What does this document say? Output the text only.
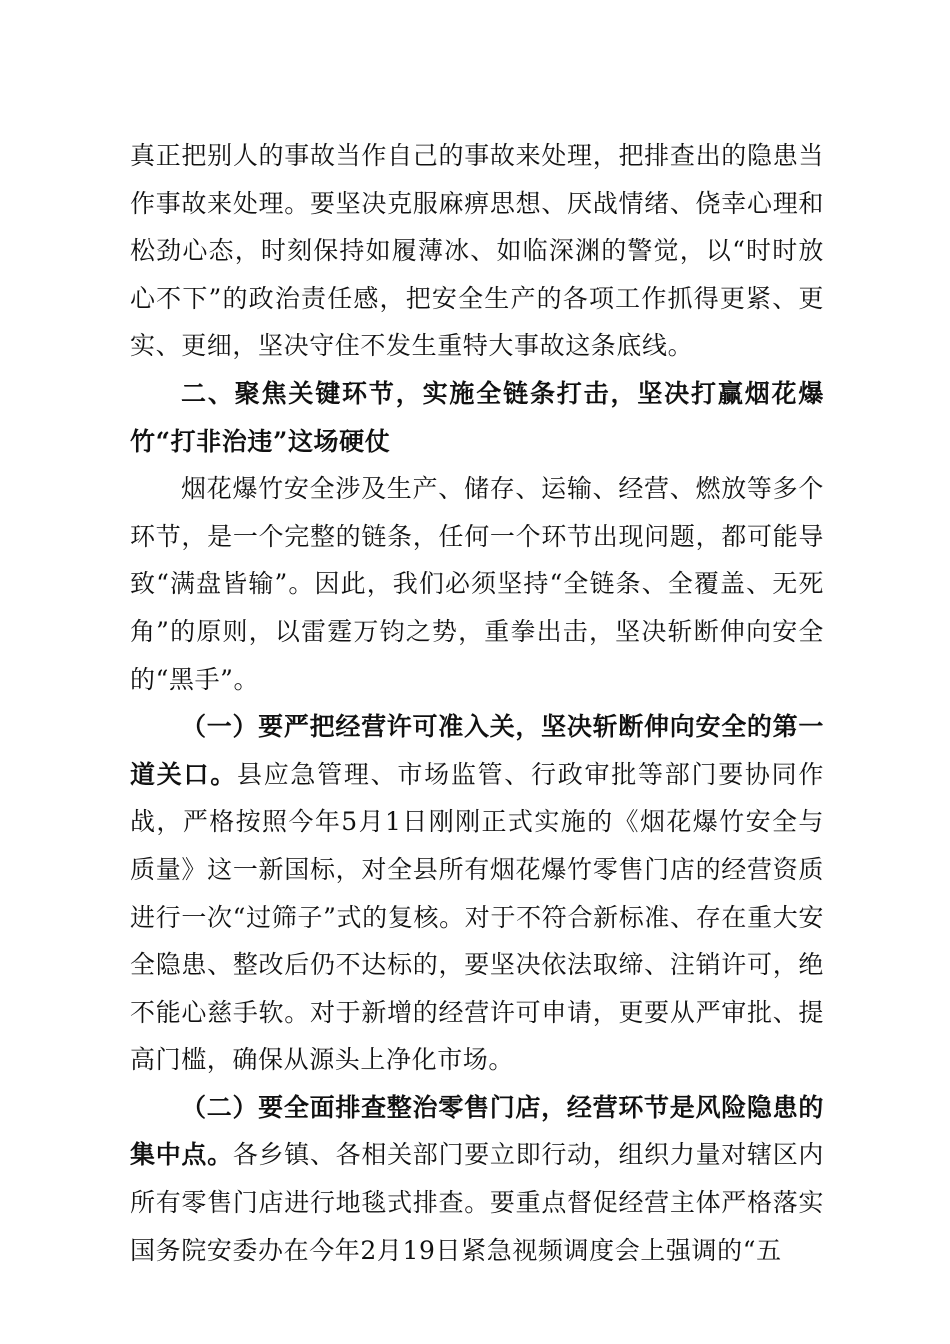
真正把别人的事故当作自己的事故来处理，把排查出的隐患当作事故来处理。要坚决克服麻痹思想、厌战情绪、侥幸心理和松劲心态，时刻保持如履薄冰、如临深渊的警觉，以“时时放心不下”的政治责任感，把安全生产的各项工作抓得更紧、更实、更细，坚决守住不发生重特大事故这条底线。

二、聚焦关键环节，实施全链条打击，坚决打赢烟花爆竹“打非治违”这场硬仗

烟花爆竹安全涉及生产、储存、运输、经营、燃放等多个环节，是一个完整的链条，任何一个环节出现问题，都可能导致“满盘皆输”。因此，我们必须坚持“全链条、全覆盖、无死角”的原则，以雷霆万钧之势，重拳出击，坚决斩断伸向安全的“黑手”。

（一）要严把经营许可准入关，坚决斩断伸向安全的第一道关口。县应急管理、市场监管、行政审批等部门要协同作战，严格按照今年5月1日刚刚正式实施的《烟花爆竹安全与质量》这一新国标，对全县所有烟花爆竹零售门店的经营资质进行一次“过筛子”式的复核。对于不符合新标准、存在重大安全隐患、整改后仍不达标的，要坚决依法取缔、注销许可，绝不能心慈手软。对于新增的经营许可申请，更要从严审批、提高门槛，确保从源头上净化市场。

（二）要全面排查整治零售门店，经营环节是风险隐患的集中点。各乡镇、各相关部门要立即行动，组织力量对辖区内所有零售门店进行地毯式排查。要重点督促经营主体严格落实国务院安委办在今年2月19日紧急视频调度会上强调的“五
